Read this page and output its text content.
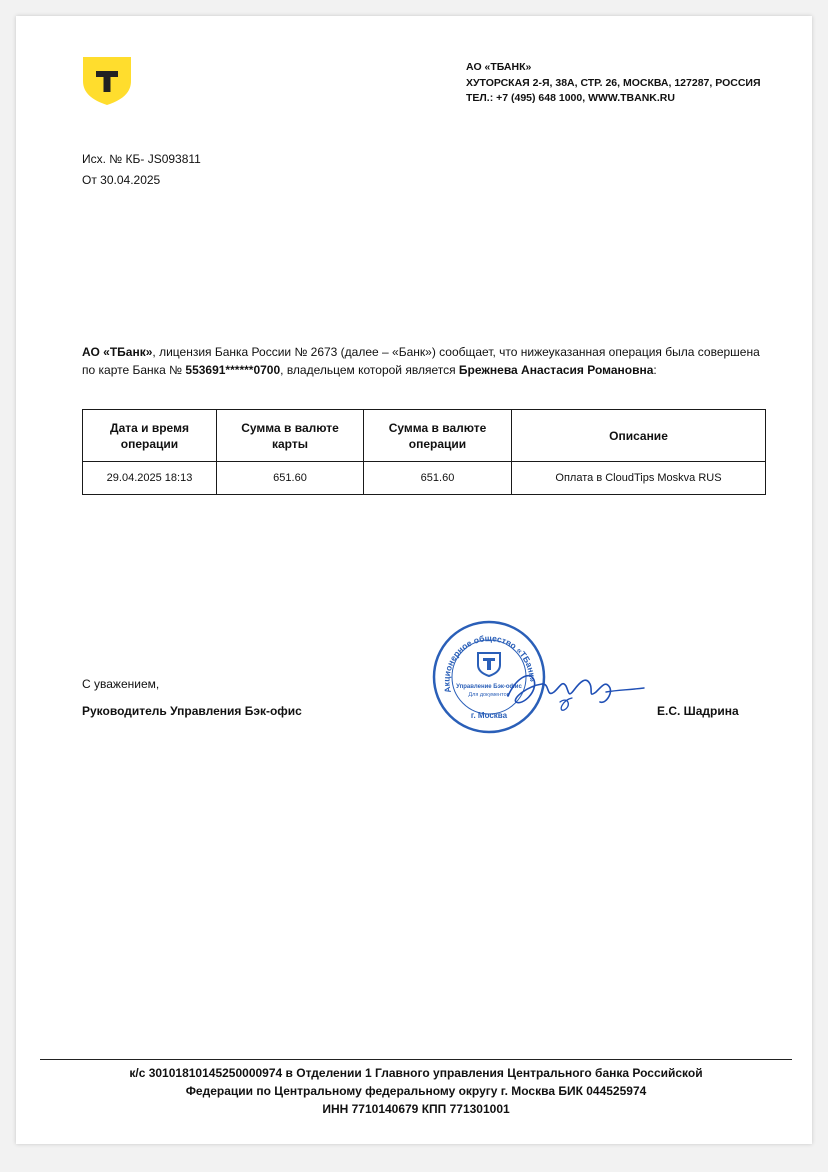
АО «ТБАНК»
ХУТОРСКАЯ 2-Я, 38А, СТР. 26, МОСКВА, 127287, РОССИЯ
ТЕЛ.: +7 (495) 648 1000, WWW.TBANK.RU
Исх. № КБ- JS093811
От 30.04.2025
АО «ТБанк», лицензия Банка России № 2673 (далее – «Банк») сообщает, что нижеуказанная операция была совершена по карте Банка № 553691******0700, владельцем которой является Брежнева Анастасия Романовна:
Дата и время операции	Сумма в валюте карты	Сумма в валюте операции	Описание
29.04.2025 18:13	651.60	651.60	Оплата в CloudTips Moskva RUS
С уважением,
Руководитель Управления Бэк-офис	Е.С. Шадрина
Акционерное общество «ТБанк»
Управление Бэк-офис
Для документов
г. Москва
к/с 30101810145250000974 в Отделении 1 Главного управления Центрального банка Российской
Федерации по Центральному федеральному округу г. Москва БИК 044525974
ИНН 7710140679 КПП 771301001
